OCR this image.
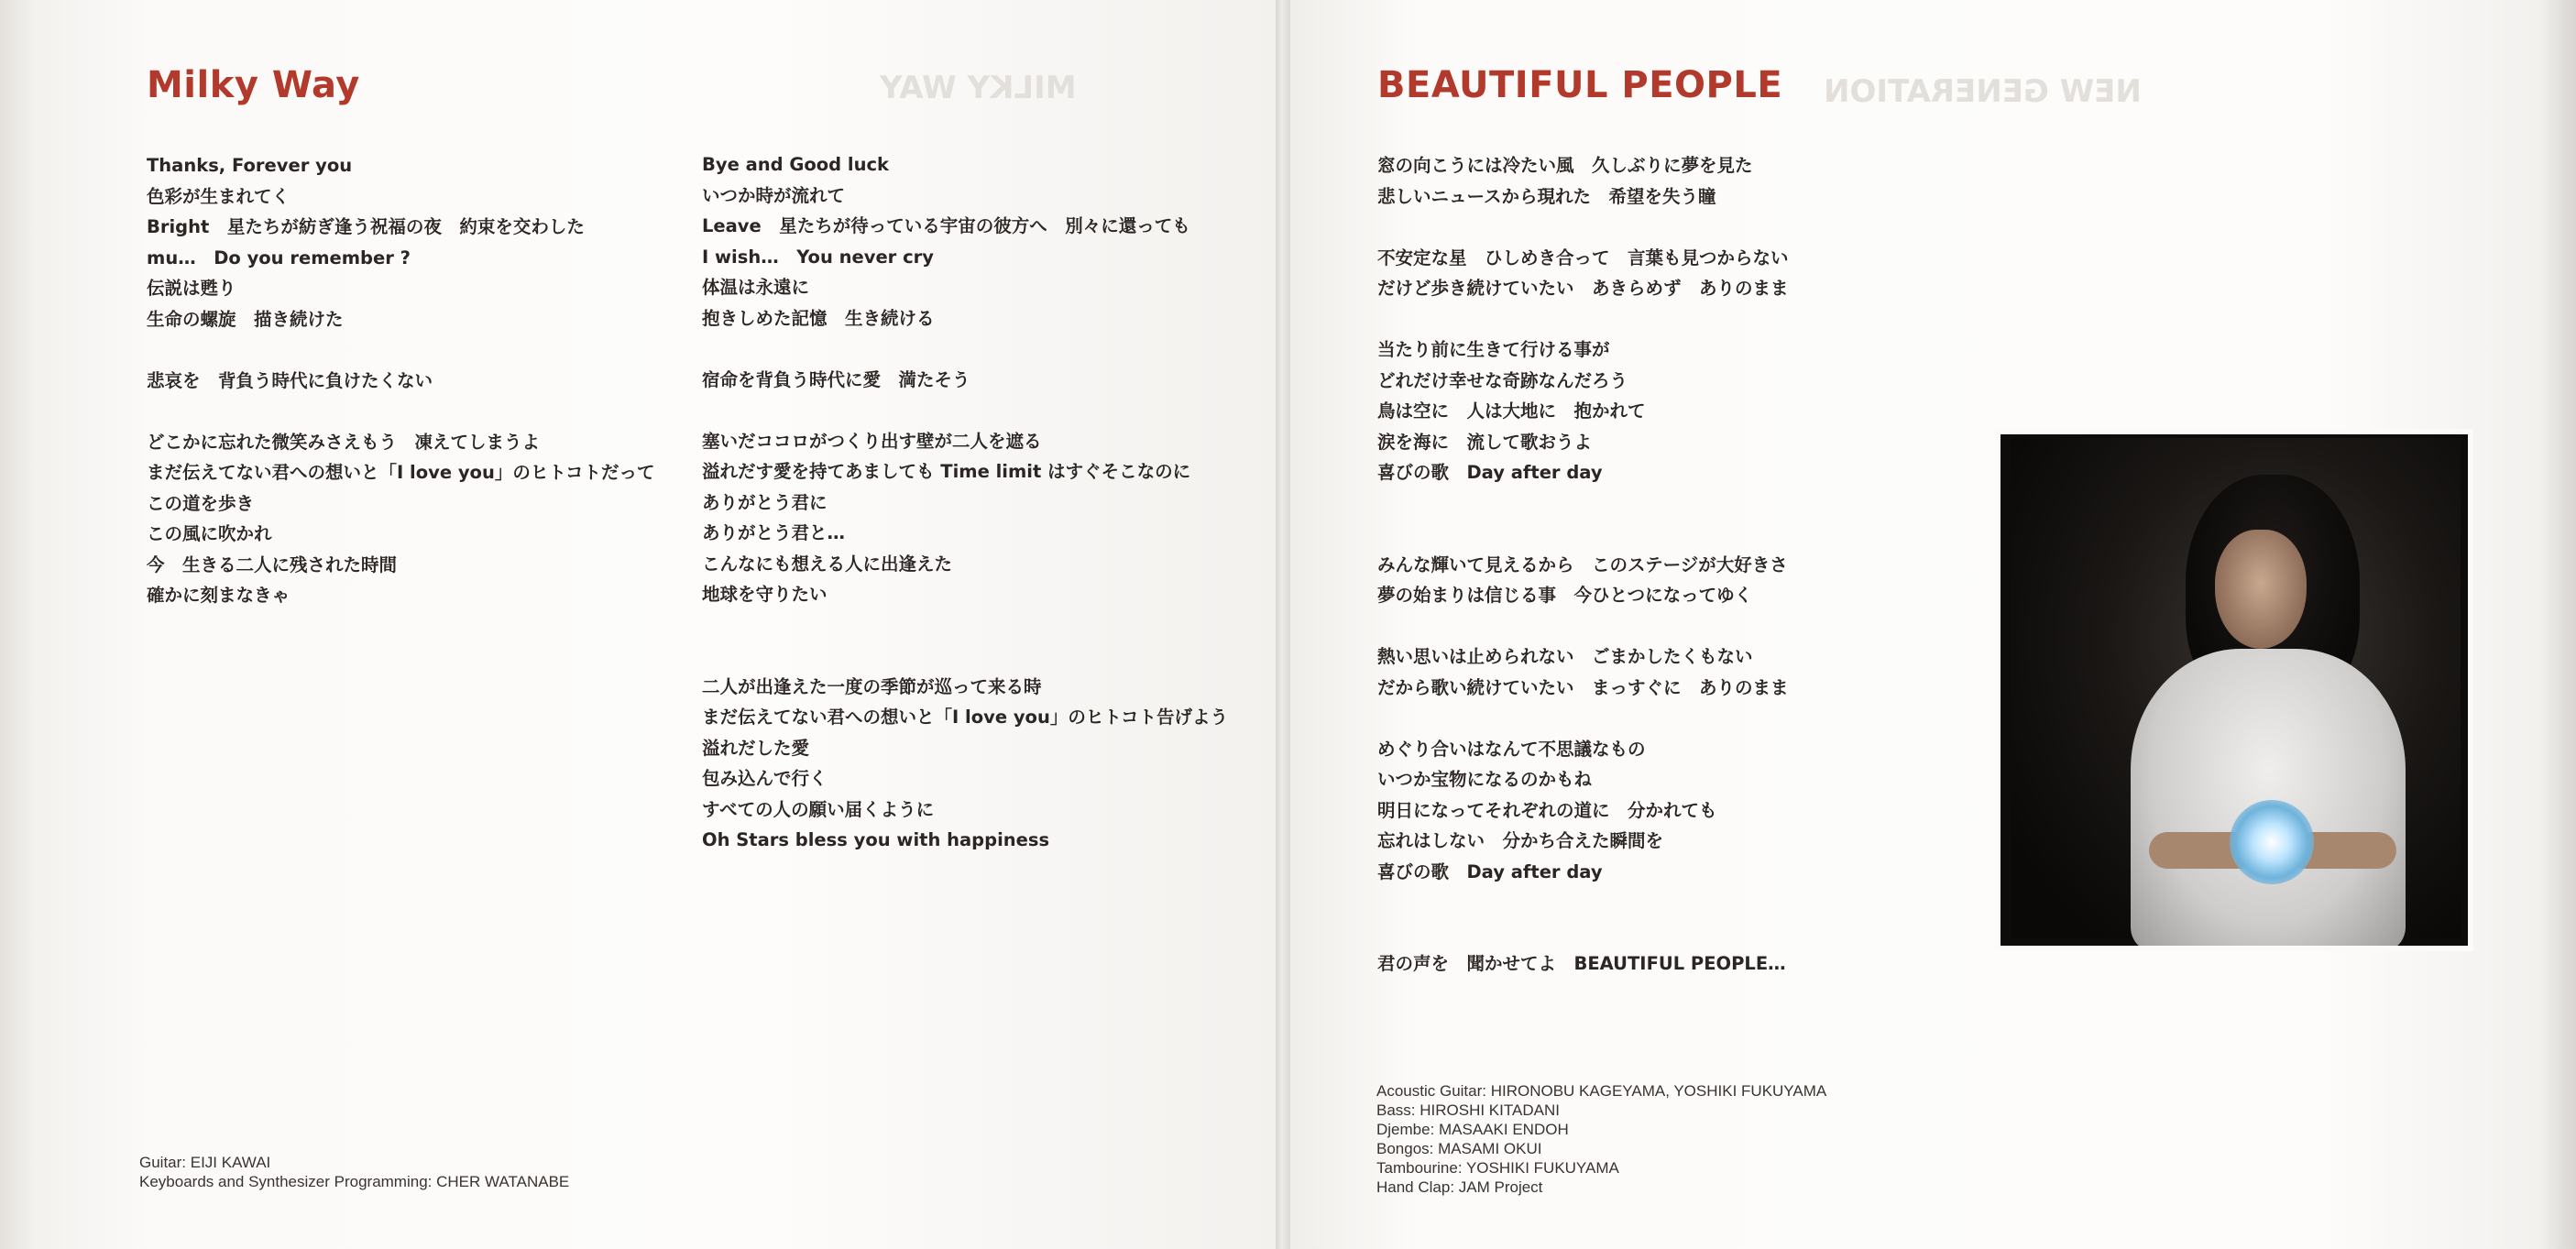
Milky Way	MILKY WAY
Thanks, Forever you
色彩が生まれてく
Bright　星たちが紡ぎ逢う祝福の夜　約束を交わした
mu…　Do you remember ?
伝説は甦り
生命の螺旋　描き続けた
悲哀を　背負う時代に負けたくない
どこかに忘れた微笑みさえもう　凍えてしまうよ
まだ伝えてない君への想いと「I love you」のヒトコトだって
この道を歩き
この風に吹かれ
今　生きる二人に残された時間
確かに刻まなきゃ
Bye and Good luck
いつか時が流れて
Leave　星たちが待っている宇宙の彼方へ　別々に還っても
I wish…　You never cry
体温は永遠に
抱きしめた記憶　生き続ける
宿命を背負う時代に愛　満たそう
塞いだココロがつくり出す壁が二人を遮る
溢れだす愛を持てあましても Time limit はすぐそこなのに
ありがとう君に
ありがとう君と…
こんなにも想える人に出逢えた
地球を守りたい
二人が出逢えた一度の季節が巡って来る時
まだ伝えてない君への想いと「I love you」のヒトコト告げよう
溢れだした愛
包み込んで行く
すべての人の願い届くように
Oh Stars bless you with happiness
Guitar: EIJI KAWAI
Keyboards and Synthesizer Programming: CHER WATANABE
BEAUTIFUL PEOPLE NEW GENERATION
窓の向こうには冷たい風　久しぶりに夢を見た
悲しいニュースから現れた　希望を失う瞳
不安定な星　ひしめき合って　言葉も見つからない
だけど歩き続けていたい　あきらめず　ありのまま
当たり前に生きて行ける事が
どれだけ幸せな奇跡なんだろう
鳥は空に　人は大地に　抱かれて
涙を海に　流して歌おうよ
喜びの歌　Day after day
みんな輝いて見えるから　このステージが大好きさ
夢の始まりは信じる事　今ひとつになってゆく
熱い思いは止められない　ごまかしたくもない
だから歌い続けていたい　まっすぐに　ありのまま
めぐり合いはなんて不思議なもの
いつか宝物になるのかもね
明日になってそれぞれの道に　分かれても
忘れはしない　分かち合えた瞬間を
喜びの歌　Day after day
君の声を　聞かせてよ　BEAUTIFUL PEOPLE…
Acoustic Guitar: HIRONOBU KAGEYAMA, YOSHIKI FUKUYAMA
Bass: HIROSHI KITADANI
Djembe: MASAAKI ENDOH
Bongos: MASAMI OKUI
Tambourine: YOSHIKI FUKUYAMA
Hand Clap: JAM Project
